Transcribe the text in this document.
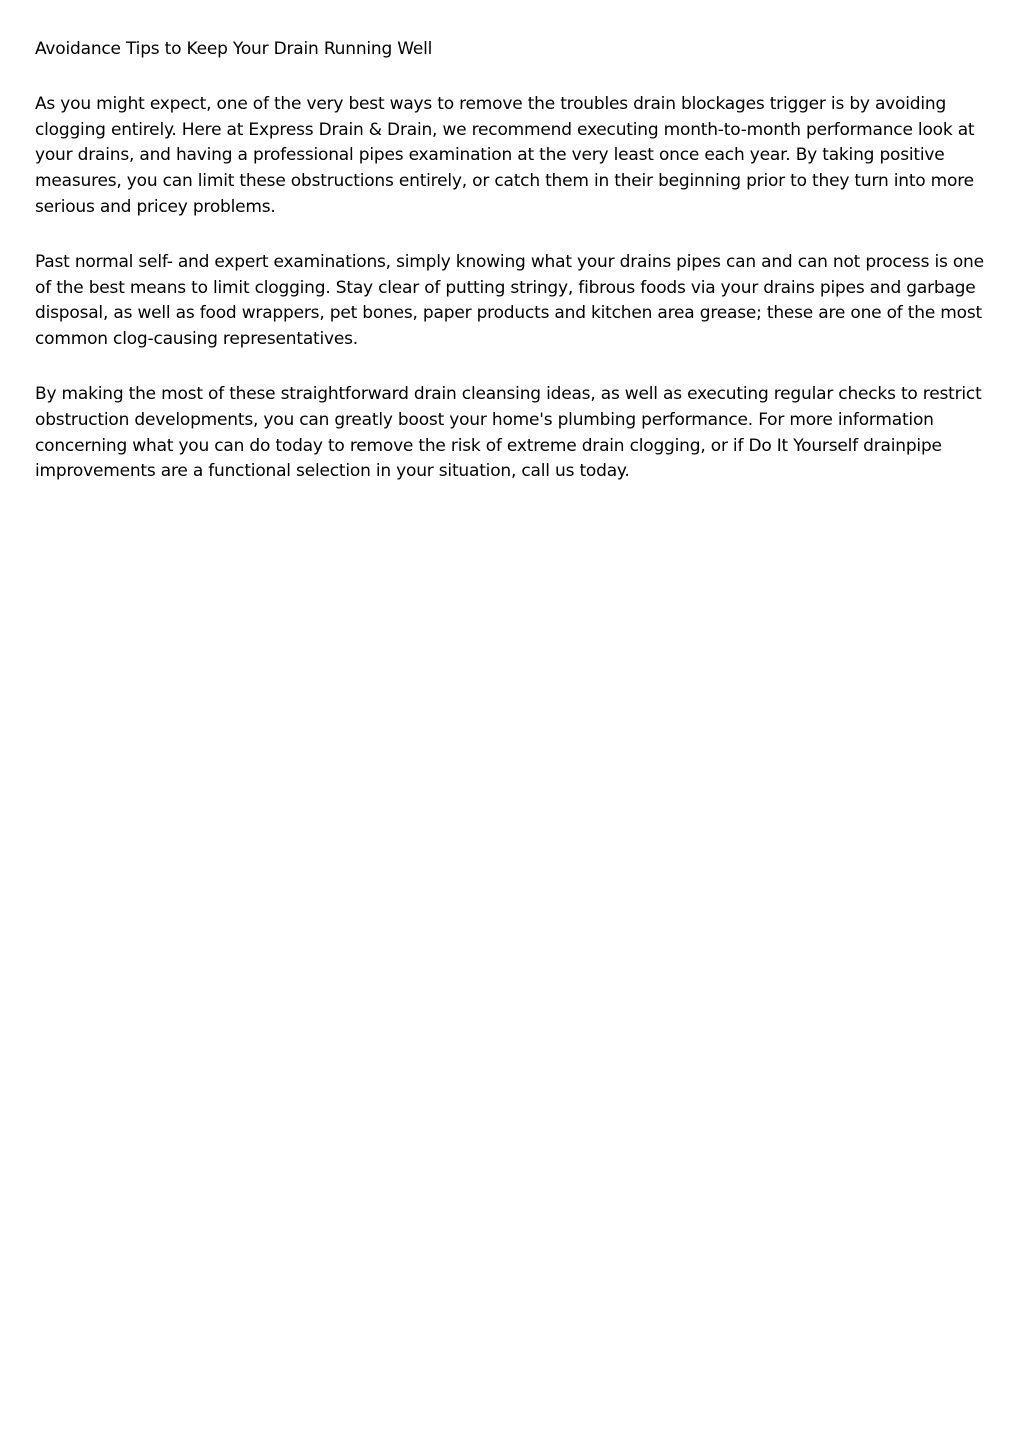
Avoidance Tips to Keep Your Drain Running Well

As you might expect, one of the very best ways to remove the troubles drain blockages trigger is by avoiding clogging entirely. Here at Express Drain & Drain, we recommend executing month-to-month performance look at your drains, and having a professional pipes examination at the very least once each year. By taking positive measures, you can limit these obstructions entirely, or catch them in their beginning prior to they turn into more serious and pricey problems.

Past normal self- and expert examinations, simply knowing what your drains pipes can and can not process is one of the best means to limit clogging. Stay clear of putting stringy, fibrous foods via your drains pipes and garbage disposal, as well as food wrappers, pet bones, paper products and kitchen area grease; these are one of the most common clog-causing representatives.

By making the most of these straightforward drain cleansing ideas, as well as executing regular checks to restrict obstruction developments, you can greatly boost your home's plumbing performance. For more information concerning what you can do today to remove the risk of extreme drain clogging, or if Do It Yourself drainpipe improvements are a functional selection in your situation, call us today.
